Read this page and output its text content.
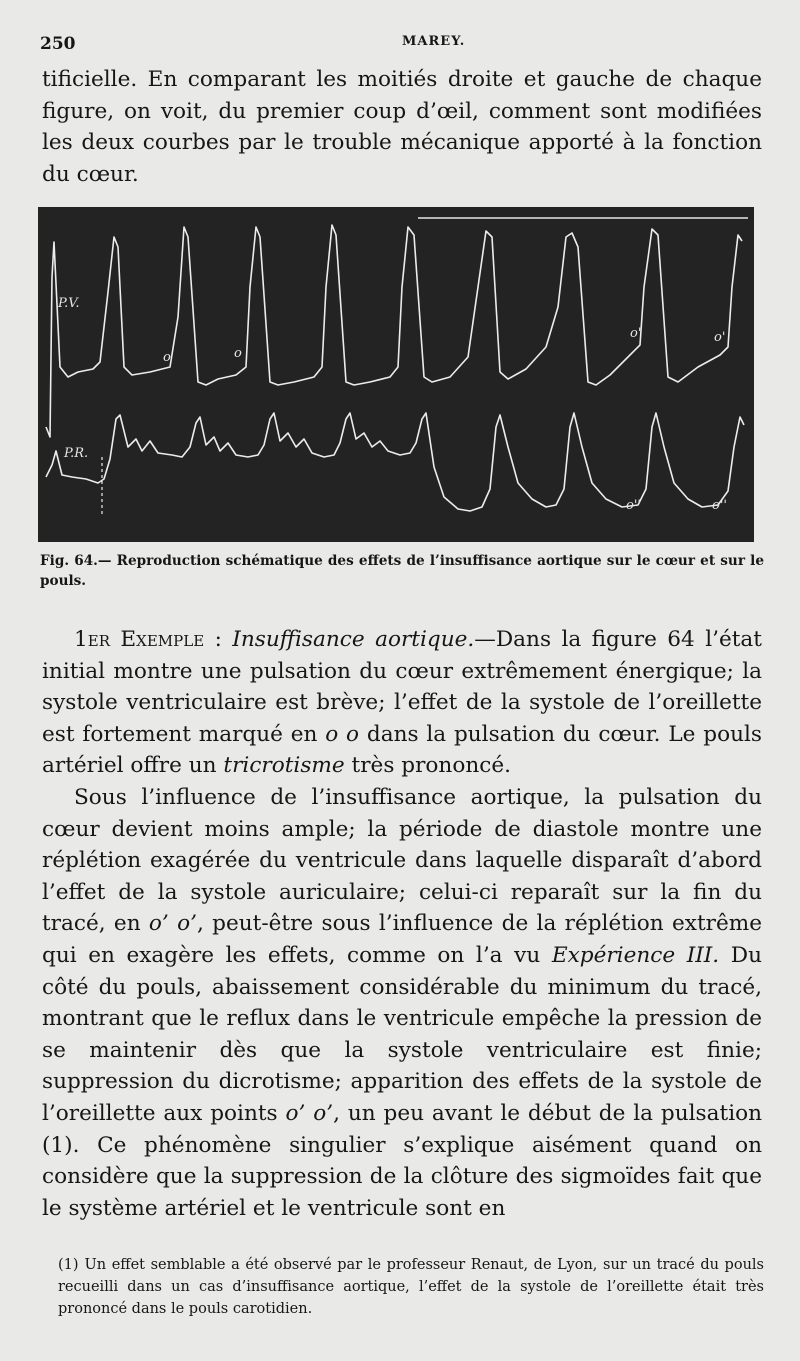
250	MAREY.
tificielle. En comparant les moitiés droite et gauche de chaque figure, on voit, du premier coup d’œil, comment sont modifiées les deux courbes par le trouble mécanique apporté à la fonction du cœur.
P.V.
P.R.
o	o
o'	o'
o''	o''
Fig. 64.— Reproduction schématique des effets de l’insuffisance aortique sur le cœur et sur le pouls.

1er Exemple : Insuffisance aortique.—Dans la figure 64 l’état initial montre une pulsation du cœur extrêmement énergique; la systole ventriculaire est brève; l’effet de la systole de l’oreillette est fortement marqué en o o dans la pulsation du cœur. Le pouls artériel offre un tricrotisme très prononcé.

Sous l’influence de l’insuffisance aortique, la pulsation du cœur devient moins ample; la période de diastole montre une réplétion exagérée du ventricule dans laquelle disparaît d’abord l’effet de la systole auriculaire; celui-ci reparaît sur la fin du tracé, en o’ o’, peut-être sous l’influence de la réplétion extrême qui en exagère les effets, comme on l’a vu Expérience III. Du côté du pouls, abaissement considérable du minimum du tracé, montrant que le reflux dans le ventricule empêche la pression de se maintenir dès que la systole ventriculaire est finie; suppression du dicrotisme; apparition des effets de la systole de l’oreillette aux points o’ o’, un peu avant le début de la pulsation (1). Ce phénomène singulier s’explique aisément quand on considère que la suppression de la clôture des sigmoïdes fait que le système artériel et le ventricule sont en

(1) Un effet semblable a été observé par le professeur Renaut, de Lyon, sur un tracé du pouls recueilli dans un cas d’insuffisance aortique, l’effet de la systole de l’oreillette était très prononcé dans le pouls carotidien.
